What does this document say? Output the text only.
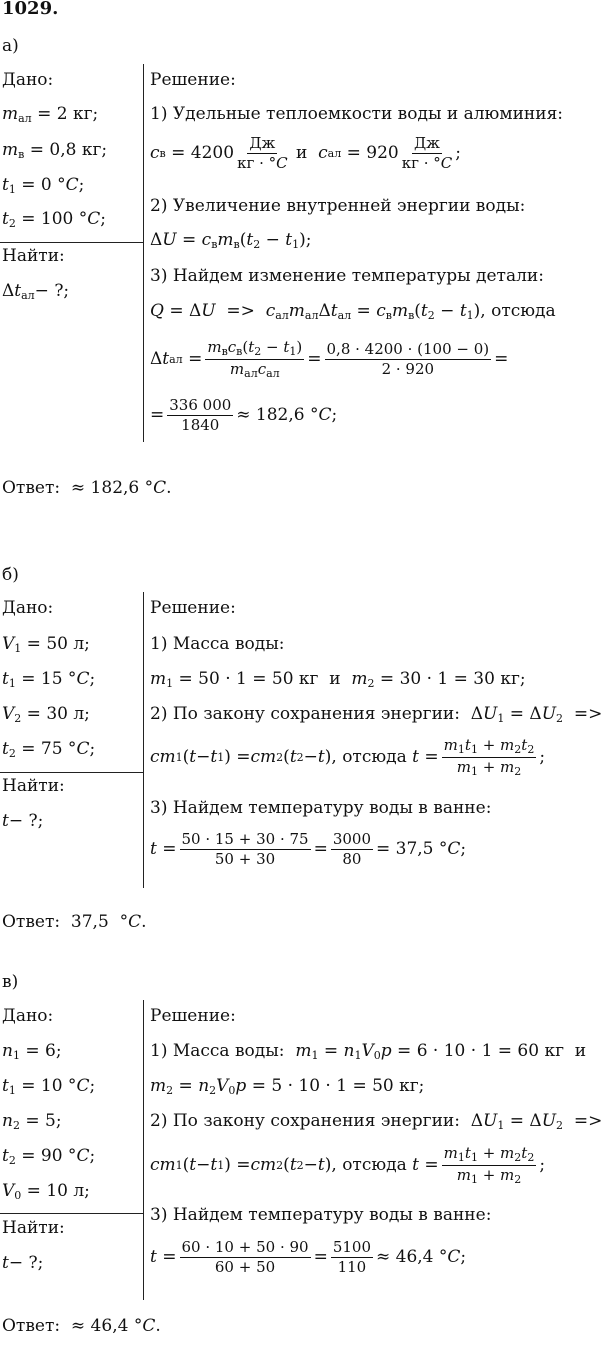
1029.
а)
Дано:
$m_{ал} = 2$ кг;
$m_в = 0,8$ кг;
$t_1 = 0$ °C;
$t_2 = 100$ °C;
Найти:
$\Delta t_{ал}-$ ?;
Решение:
1) Удельные теплоемкости воды и алюминия:
c $в = 4200 \frac{Дж}{кг \cdot ^\circ C}$ и c ал = $920 \frac{Дж}{кг \cdot ^\circ C}$ ;
2) Увеличение внутренней энергии воды:
$\Delta U = c_вm_в(t_2 - t_1)$;
3) Найдем изменение температуры детали:
$Q = \Delta U => c_{ал}m_{ал}\Delta t_{ал} = c_вm_в(t_2 - t_1)$, отсюда
Δ t ал = $\frac{m_вc_в(t_2 - t_1)}{m_{ал}c_{ал}} = \frac{0,8 \cdot 4200 \cdot (100 - 0)}{2 \cdot 920}$ =
= $\frac{336 000}{1840} \approx 182,6$ ° C ;
Ответ:  ≈ 182,6 °C.
б)
Дано:
$V_1 = 50$ л;
$t_1 = 15$ °C;
$V_2 = 30$ л;
$t_2 = 75$ °C;
Найти:
t− ?;
Решение:
1) Масса воды:
$m_1 = 50 \cdot 1 = 50$ кг  и  $m_2 = 30 \cdot 1 = 30$ кг;
2) По закону сохранения энергии:  $\Delta U_1 = \Delta U_2$  =>
cm 1 ( t − t 1 ) = cm 2 ( t 2 − t ), отсюда $t = \frac{m_1t_1 + m_2t_2}{m_1 + m_2}$ ;
3) Найдем температуру воды в ванне:
$t = \frac{50 \cdot 15 + 30 \cdot 75}{50 + 30} = \frac{3000}{80} = 37,5$ ° C ;
Ответ:  37,5  °C.
в)
Дано:
$n_1 = 6$;
$t_1 = 10$ °C;
$n_2 = 5$;
$t_2 = 90$ °C;
$V_0 = 10$ л;
Найти:
t− ?;
Решение:
1) Масса воды:  $m_1 = n_1V_0p = 6 \cdot 10 \cdot 1 = 60$ кг  и
$m_2 = n_2V_0p = 5 \cdot 10 \cdot 1 = 50$ кг;
2) По закону сохранения энергии:  $\Delta U_1 = \Delta U_2$  =>
cm 1 ( t − t 1 ) = cm 2 ( t 2 − t ), отсюда $t = \frac{m_1t_1 + m_2t_2}{m_1 + m_2}$ ;
3) Найдем температуру воды в ванне:
$t = \frac{60 \cdot 10 + 50 \cdot 90}{60 + 50} = \frac{5100}{110} \approx 46,4$ ° C ;
Ответ:  ≈ 46,4 °C.
